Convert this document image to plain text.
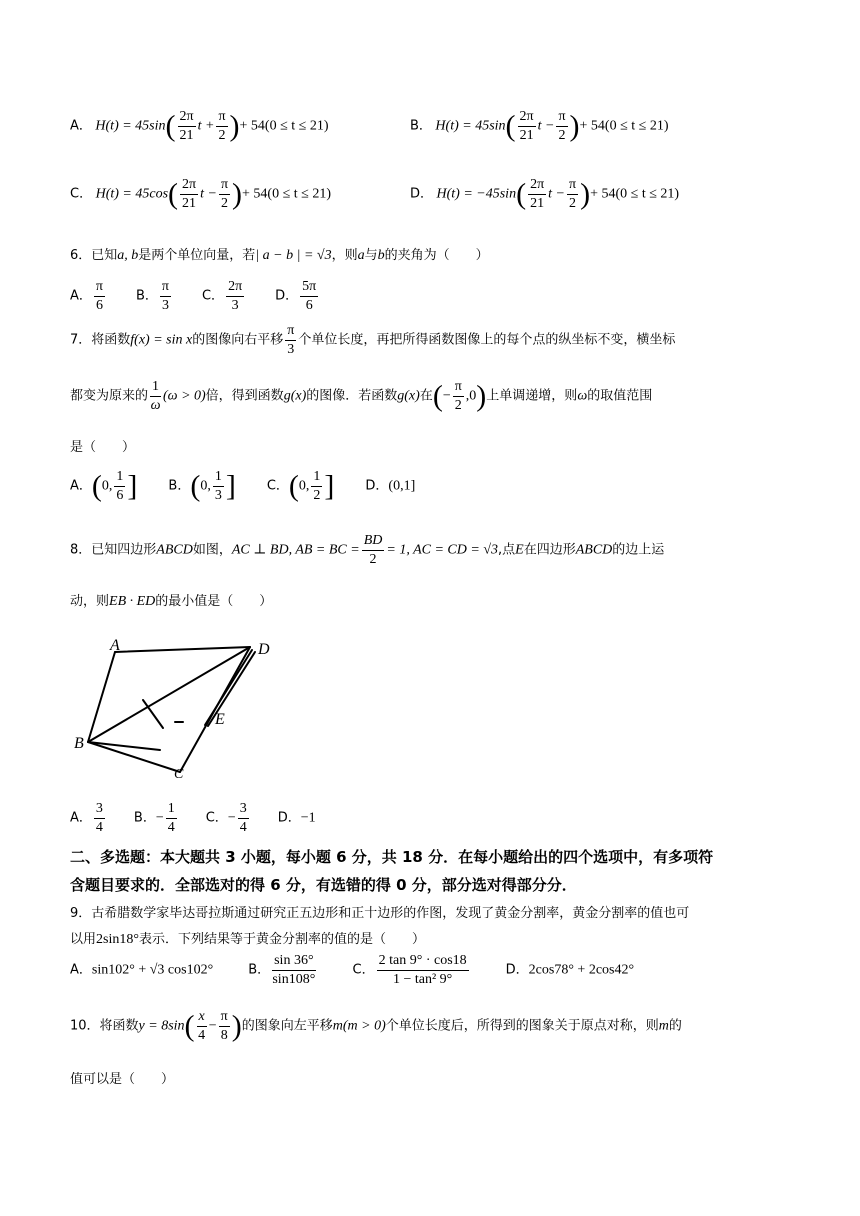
A． $H(t) = 45\sin( \frac{2\pi}{21}$ $t + \frac{\pi}{2}$ )+ 54(0 ≤ t ≤ 21)	B． $H(t) = 45\sin( \frac{2\pi}{21}$ $t - \frac{\pi}{2}$ )+ 54(0 ≤ t ≤ 21)
C． $H(t) = 45\cos( \frac{2\pi}{21}$ $t - \frac{\pi}{2}$ )+ 54(0 ≤ t ≤ 21)	D． $H(t) = -45\sin( \frac{2\pi}{21}$ $t - \frac{\pi}{2}$ )+ 54(0 ≤ t ≤ 21)
6．已知a, b是两个单位向量，若| a − b | = √3，则a与b的夹角为（　　）
A． $\frac{\pi}{6}$ B． $\frac{\pi}{3}$ C． $\frac{2\pi}{3}$ D． $\frac{5\pi}{6}$
7．将函数f(x) = sin x的图像向右平移 $\frac{\pi}{3}$ 个单位长度，再把所得函数图像上的每个点的纵坐标不变，横坐标
都变为原来的 $\frac{1}{\omega} (\omega > 0)$倍，得到函数g(x)的图像．若函数g(x)在(− $\frac{\pi}{2} ,0$)上单调递增，则ω的取值范围
是（　　）
A．(0, $\frac{1}{6}$ ] B．(0, $\frac{1}{3}$ ] C．(0, $\frac{1}{2}$ ] D．(0,1]
8．已知四边形ABCD如图，AC ⊥ BD, AB = BC = $\frac{BD}{2} = 1$, AC = CD = √3,点E在四边形ABCD的边上运
动，则EB · ED的最小值是（　　）
A	D
B
E
C
A． $\frac{3}{4}$ B．− $\frac{1}{4}$ C．− $\frac{3}{4}$ D．−1
二、多选题：本大题共 3 小题，每小题 6 分，共 18 分．在每小题给出的四个选项中，有多项符
含题目要求的．全部选对的得 6 分，有选错的得 0 分，部分选对得部分分．
9．古希腊数学家毕达哥拉斯通过研究正五边形和正十边形的作图，发现了黄金分割率，黄金分割率的值也可
以用2sin18°表示．下列结果等于黄金分割率的值的是（　　）
A．sin102° + √3 cos102°	B． $\frac{\sin 36^\circ}{\sin 108^\circ}$	C． $\frac{2 \tan 9^\circ \cdot \cos 18}{\text{1 − tan² 9°}}$	D．2cos78° + 2cos42°
10．将函数$y = 8\sin( \frac{x}{4} - \frac{\pi}{8}$ )的图象向左平移m(m > 0)个单位长度后，所得到的图象关于原点对称，则m的
值可以是（　　）
